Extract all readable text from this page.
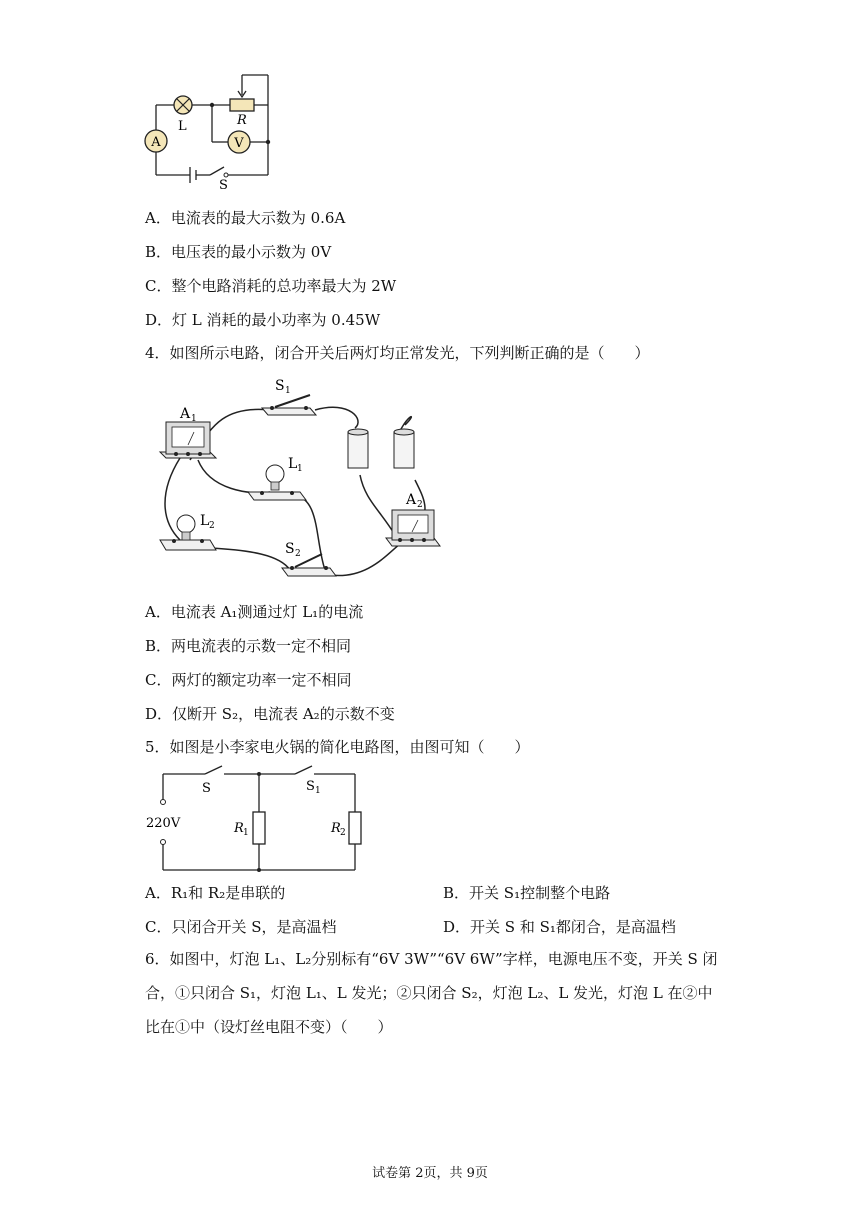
A	V
L	R
S
A．电流表的最大示数为 0.6A
B．电压表的最小示数为 0V
C．整个电路消耗的总功率最大为 2W
D．灯 L 消耗的最小功率为 0.45W
4．如图所示电路，闭合开关后两灯均正常发光，下列判断正确的是（　　）
A 1
S 1
L 1
L 2
S 2
A 2
A．电流表 A₁测通过灯 L₁的电流
B．两电流表的示数一定不相同
C．两灯的额定功率一定不相同
D．仅断开 S₂，电流表 A₂的示数不变
5．如图是小李家电火锅的简化电路图，由图可知（　　）
S	S 1
220V	R 1	R 2
A．R₁和 R₂是串联的	B．开关 S₁控制整个电路
C．只闭合开关 S，是高温档	D．开关 S 和 S₁都闭合，是高温档
6．如图中，灯泡 L₁、L₂分别标有“6V 3W”“6V 6W”字样，电源电压不变，开关 S 闭合，①只闭合 S₁，灯泡 L₁、L 发光；②只闭合 S₂，灯泡 L₂、L 发光，灯泡 L 在②中比在①中（设灯丝电阻不变）（　　）
试卷第 2页，共 9页
